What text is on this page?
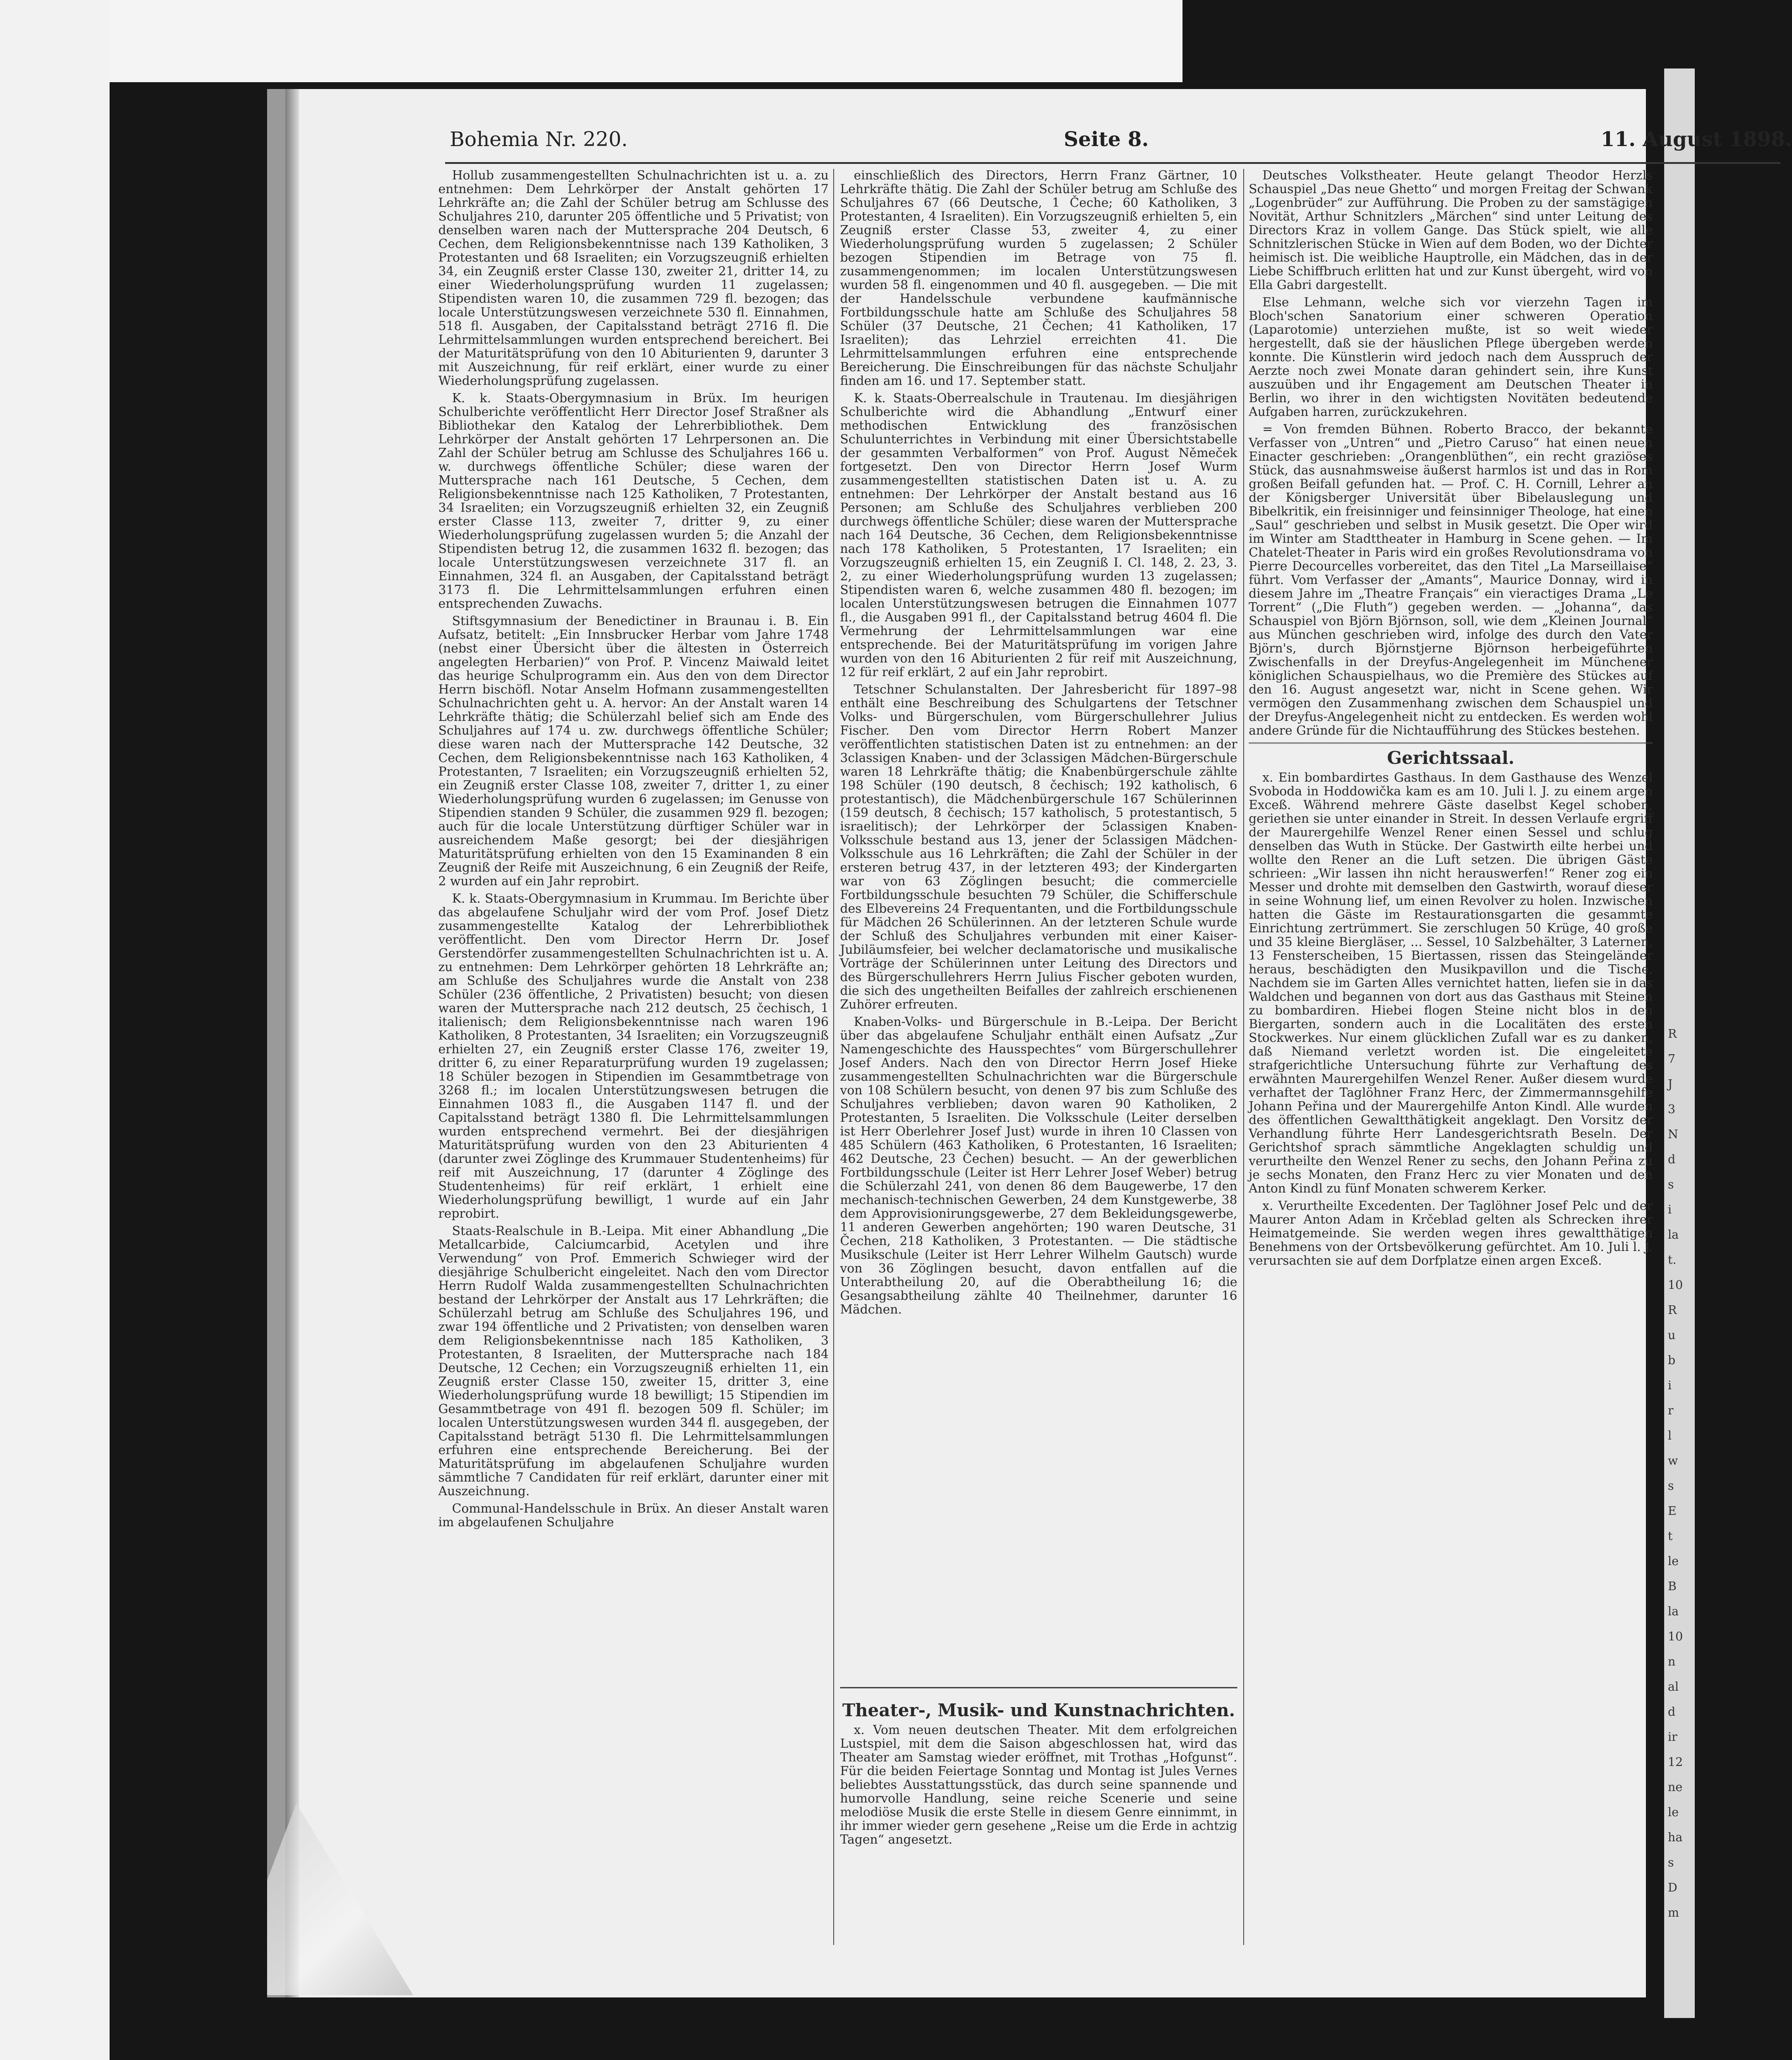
Bohemia Nr. 220.	Seite 8.	11. August 1898.

Hollub zusammengestellten Schulnachrichten ist u. a. zu entnehmen: Dem Lehrkörper der Anstalt gehörten 17 Lehrkräfte an; die Zahl der Schüler betrug am Schlusse des Schuljahres 210, darunter 205 öffentliche und 5 Privatist; von denselben waren nach der Muttersprache 204 Deutsch, 6 Cechen, dem Religionsbekenntnisse nach 139 Katholiken, 3 Protestanten und 68 Israeliten; ein Vorzugszeugniß erhielten 34, ein Zeugniß erster Classe 130, zweiter 21, dritter 14, zu einer Wiederholungsprüfung wurden 11 zugelassen; Stipendisten waren 10, die zusammen 729 fl. bezogen; das locale Unterstützungswesen verzeichnete 530 fl. Einnahmen, 518 fl. Ausgaben, der Capitalsstand beträgt 2716 fl. Die Lehrmittelsammlungen wurden entsprechend bereichert. Bei der Maturitätsprüfung von den 10 Abiturienten 9, darunter 3 mit Auszeichnung, für reif erklärt, einer wurde zu einer Wiederholungsprüfung zugelassen.

K. k. Staats-Obergymnasium in Brüx. Im heurigen Schulberichte veröffentlicht Herr Director Josef Straßner als Bibliothekar den Katalog der Lehrerbibliothek. Dem Lehrkörper der Anstalt gehörten 17 Lehrpersonen an. Die Zahl der Schüler betrug am Schlusse des Schuljahres 166 u. w. durchwegs öffentliche Schüler; diese waren der Muttersprache nach 161 Deutsche, 5 Cechen, dem Religionsbekenntnisse nach 125 Katholiken, 7 Protestanten, 34 Israeliten; ein Vorzugszeugniß erhielten 32, ein Zeugniß erster Classe 113, zweiter 7, dritter 9, zu einer Wiederholungsprüfung zugelassen wurden 5; die Anzahl der Stipendisten betrug 12, die zusammen 1632 fl. bezogen; das locale Unterstützungswesen verzeichnete 317 fl. an Einnahmen, 324 fl. an Ausgaben, der Capitalsstand beträgt 3173 fl. Die Lehrmittelsammlungen erfuhren einen entsprechenden Zuwachs.

Stiftsgymnasium der Benedictiner in Braunau i. B. Ein Aufsatz, betitelt: „Ein Innsbrucker Herbar vom Jahre 1748 (nebst einer Übersicht über die ältesten in Österreich angelegten Herbarien)“ von Prof. P. Vincenz Maiwald leitet das heurige Schulprogramm ein. Aus den von dem Director Herrn bischöfl. Notar Anselm Hofmann zusammengestellten Schulnachrichten geht u. A. hervor: An der Anstalt waren 14 Lehrkräfte thätig; die Schülerzahl belief sich am Ende des Schuljahres auf 174 u. zw. durchwegs öffentliche Schüler; diese waren nach der Muttersprache 142 Deutsche, 32 Cechen, dem Religionsbekenntnisse nach 163 Katholiken, 4 Protestanten, 7 Israeliten; ein Vorzugszeugniß erhielten 52, ein Zeugniß erster Classe 108, zweiter 7, dritter 1, zu einer Wiederholungsprüfung wurden 6 zugelassen; im Genusse von Stipendien standen 9 Schüler, die zusammen 929 fl. bezogen; auch für die locale Unterstützung dürftiger Schüler war in ausreichendem Maße gesorgt; bei der diesjährigen Maturitätsprüfung erhielten von den 15 Examinanden 8 ein Zeugniß der Reife mit Auszeichnung, 6 ein Zeugniß der Reife, 2 wurden auf ein Jahr reprobirt.

K. k. Staats-Obergymnasium in Krummau. Im Berichte über das abgelaufene Schuljahr wird der vom Prof. Josef Dietz zusammengestellte Katalog der Lehrerbibliothek veröffentlicht. Den vom Director Herrn Dr. Josef Gerstendörfer zusammengestellten Schulnachrichten ist u. A. zu entnehmen: Dem Lehrkörper gehörten 18 Lehrkräfte an; am Schluße des Schuljahres wurde die Anstalt von 238 Schüler (236 öffentliche, 2 Privatisten) besucht; von diesen waren der Muttersprache nach 212 deutsch, 25 čechisch, 1 italienisch; dem Religionsbekenntnisse nach waren 196 Katholiken, 8 Protestanten, 34 Israeliten; ein Vorzugszeugniß erhielten 27, ein Zeugniß erster Classe 176, zweiter 19, dritter 6, zu einer Reparaturprüfung wurden 19 zugelassen; 18 Schüler bezogen in Stipendien im Gesammtbetrage von 3268 fl.; im localen Unterstützungswesen betrugen die Einnahmen 1083 fl., die Ausgaben 1147 fl. und der Capitalsstand beträgt 1380 fl. Die Lehrmittelsammlungen wurden entsprechend vermehrt. Bei der diesjährigen Maturitätsprüfung wurden von den 23 Abiturienten 4 (darunter zwei Zöglinge des Krummauer Studentenheims) für reif mit Auszeichnung, 17 (darunter 4 Zöglinge des Studentenheims) für reif erklärt, 1 erhielt eine Wiederholungsprüfung bewilligt, 1 wurde auf ein Jahr reprobirt.

Staats-Realschule in B.-Leipa. Mit einer Abhandlung „Die Metallcarbide, Calciumcarbid, Acetylen und ihre Verwendung“ von Prof. Emmerich Schwieger wird der diesjährige Schulbericht eingeleitet. Nach den vom Director Herrn Rudolf Walda zusammengestellten Schulnachrichten bestand der Lehrkörper der Anstalt aus 17 Lehrkräften; die Schülerzahl betrug am Schluße des Schuljahres 196, und zwar 194 öffentliche und 2 Privatisten; von denselben waren dem Religionsbekenntnisse nach 185 Katholiken, 3 Protestanten, 8 Israeliten, der Muttersprache nach 184 Deutsche, 12 Cechen; ein Vorzugszeugniß erhielten 11, ein Zeugniß erster Classe 150, zweiter 15, dritter 3, eine Wiederholungsprüfung wurde 18 bewilligt; 15 Stipendien im Gesammtbetrage von 491 fl. bezogen 509 fl. Schüler; im localen Unterstützungswesen wurden 344 fl. ausgegeben, der Capitalsstand beträgt 5130 fl. Die Lehrmittelsammlungen erfuhren eine entsprechende Bereicherung. Bei der Maturitätsprüfung im abgelaufenen Schuljahre wurden sämmtliche 7 Candidaten für reif erklärt, darunter einer mit Auszeichnung.

Communal-Handelsschule in Brüx. An dieser Anstalt waren im abgelaufenen Schuljahre

einschließlich des Directors, Herrn Franz Gärtner, 10 Lehrkräfte thätig. Die Zahl der Schüler betrug am Schluße des Schuljahres 67 (66 Deutsche, 1 Čeche; 60 Katholiken, 3 Protestanten, 4 Israeliten). Ein Vorzugszeugniß erhielten 5, ein Zeugniß erster Classe 53, zweiter 4, zu einer Wiederholungsprüfung wurden 5 zugelassen; 2 Schüler bezogen Stipendien im Betrage von 75 fl. zusammengenommen; im localen Unterstützungswesen wurden 58 fl. eingenommen und 40 fl. ausgegeben. — Die mit der Handelsschule verbundene kaufmännische Fortbildungsschule hatte am Schluße des Schuljahres 58 Schüler (37 Deutsche, 21 Čechen; 41 Katholiken, 17 Israeliten); das Lehrziel erreichten 41. Die Lehrmittelsammlungen erfuhren eine entsprechende Bereicherung. Die Einschreibungen für das nächste Schuljahr finden am 16. und 17. September statt.

K. k. Staats-Oberrealschule in Trautenau. Im diesjährigen Schulberichte wird die Abhandlung „Entwurf einer methodischen Entwicklung des französischen Schulunterrichtes in Verbindung mit einer Übersichtstabelle der gesammten Verbalformen“ von Prof. August Němeček fortgesetzt. Den von Director Herrn Josef Wurm zusammengestellten statistischen Daten ist u. A. zu entnehmen: Der Lehrkörper der Anstalt bestand aus 16 Personen; am Schluße des Schuljahres verblieben 200 durchwegs öffentliche Schüler; diese waren der Muttersprache nach 164 Deutsche, 36 Cechen, dem Religionsbekenntnisse nach 178 Katholiken, 5 Protestanten, 17 Israeliten; ein Vorzugszeugniß erhielten 15, ein Zeugniß I. Cl. 148, 2. 23, 3. 2, zu einer Wiederholungsprüfung wurden 13 zugelassen; Stipendisten waren 6, welche zusammen 480 fl. bezogen; im localen Unterstützungswesen betrugen die Einnahmen 1077 fl., die Ausgaben 991 fl., der Capitalsstand betrug 4604 fl. Die Vermehrung der Lehrmittelsammlungen war eine entsprechende. Bei der Maturitätsprüfung im vorigen Jahre wurden von den 16 Abiturienten 2 für reif mit Auszeichnung, 12 für reif erklärt, 2 auf ein Jahr reprobirt.

Tetschner Schulanstalten. Der Jahresbericht für 1897–98 enthält eine Beschreibung des Schulgartens der Tetschner Volks- und Bürgerschulen, vom Bürgerschullehrer Julius Fischer. Den vom Director Herrn Robert Manzer veröffentlichten statistischen Daten ist zu entnehmen: an der 3classigen Knaben- und der 3classigen Mädchen-Bürgerschule waren 18 Lehrkräfte thätig; die Knabenbürgerschule zählte 198 Schüler (190 deutsch, 8 čechisch; 192 katholisch, 6 protestantisch), die Mädchenbürgerschule 167 Schülerinnen (159 deutsch, 8 čechisch; 157 katholisch, 5 protestantisch, 5 israelitisch); der Lehrkörper der 5classigen Knaben-Volksschule bestand aus 13, jener der 5classigen Mädchen-Volksschule aus 16 Lehrkräften; die Zahl der Schüler in der ersteren betrug 437, in der letzteren 493; der Kindergarten war von 63 Zöglingen besucht; die commercielle Fortbildungsschule besuchten 79 Schüler, die Schifferschule des Elbevereins 24 Frequentanten, und die Fortbildungsschule für Mädchen 26 Schülerinnen. An der letzteren Schule wurde der Schluß des Schuljahres verbunden mit einer Kaiser-Jubiläumsfeier, bei welcher declamatorische und musikalische Vorträge der Schülerinnen unter Leitung des Directors und des Bürgerschullehrers Herrn Julius Fischer geboten wurden, die sich des ungetheilten Beifalles der zahlreich erschienenen Zuhörer erfreuten.

Knaben-Volks- und Bürgerschule in B.-Leipa. Der Bericht über das abgelaufene Schuljahr enthält einen Aufsatz „Zur Namengeschichte des Hausspechtes“ vom Bürgerschullehrer Josef Anders. Nach den von Director Herrn Josef Hieke zusammengestellten Schulnachrichten war die Bürgerschule von 108 Schülern besucht, von denen 97 bis zum Schluße des Schuljahres verblieben; davon waren 90 Katholiken, 2 Protestanten, 5 Israeliten. Die Volksschule (Leiter derselben ist Herr Oberlehrer Josef Just) wurde in ihren 10 Classen von 485 Schülern (463 Katholiken, 6 Protestanten, 16 Israeliten; 462 Deutsche, 23 Čechen) besucht. — An der gewerblichen Fortbildungsschule (Leiter ist Herr Lehrer Josef Weber) betrug die Schülerzahl 241, von denen 86 dem Baugewerbe, 17 den mechanisch-technischen Gewerben, 24 dem Kunstgewerbe, 38 dem Approvisionirungsgewerbe, 27 dem Bekleidungsgewerbe, 11 anderen Gewerben angehörten; 190 waren Deutsche, 31 Čechen, 218 Katholiken, 3 Protestanten. — Die städtische Musikschule (Leiter ist Herr Lehrer Wilhelm Gautsch) wurde von 36 Zöglingen besucht, davon entfallen auf die Unterabtheilung 20, auf die Oberabtheilung 16; die Gesangsabtheilung zählte 40 Theilnehmer, darunter 16 Mädchen.

Theater-, Musik- und Kunstnachrichten.

x. Vom neuen deutschen Theater. Mit dem erfolgreichen Lustspiel, mit dem die Saison abgeschlossen hat, wird das Theater am Samstag wieder eröffnet, mit Trothas „Hofgunst“. Für die beiden Feiertage Sonntag und Montag ist Jules Vernes beliebtes Ausstattungsstück, das durch seine spannende und humorvolle Handlung, seine reiche Scenerie und seine melodiöse Musik die erste Stelle in diesem Genre einnimmt, in ihr immer wieder gern gesehene „Reise um die Erde in achtzig Tagen“ angesetzt.

Deutsches Volkstheater. Heute gelangt Theodor Herzls Schauspiel „Das neue Ghetto“ und morgen Freitag der Schwank „Logenbrüder“ zur Aufführung. Die Proben zu der samstägigen Novität, Arthur Schnitzlers „Märchen“ sind unter Leitung des Directors Kraz in vollem Gange. Das Stück spielt, wie alle Schnitzlerischen Stücke in Wien auf dem Boden, wo der Dichter heimisch ist. Die weibliche Hauptrolle, ein Mädchen, das in der Liebe Schiffbruch erlitten hat und zur Kunst übergeht, wird von Ella Gabri dargestellt.

Else Lehmann, welche sich vor vierzehn Tagen im Bloch'schen Sanatorium einer schweren Operation (Laparotomie) unterziehen mußte, ist so weit wieder hergestellt, daß sie der häuslichen Pflege übergeben werden konnte. Die Künstlerin wird jedoch nach dem Ausspruch der Aerzte noch zwei Monate daran gehindert sein, ihre Kunst auszuüben und ihr Engagement am Deutschen Theater in Berlin, wo ihrer in den wichtigsten Novitäten bedeutende Aufgaben harren, zurückzukehren.

= Von fremden Bühnen. Roberto Bracco, der bekannte Verfasser von „Untren“ und „Pietro Caruso“ hat einen neuen Einacter geschrieben: „Orangenblüthen“, ein recht graziöses Stück, das ausnahmsweise äußerst harmlos ist und das in Rom großen Beifall gefunden hat. — Prof. C. H. Cornill, Lehrer an der Königsberger Universität über Bibelauslegung und Bibelkritik, ein freisinniger und feinsinniger Theologe, hat einen „Saul“ geschrieben und selbst in Musik gesetzt. Die Oper wird im Winter am Stadttheater in Hamburg in Scene gehen. — Im Chatelet-Theater in Paris wird ein großes Revolutionsdrama von Pierre Decourcelles vorbereitet, das den Titel „La Marseillaise“ führt. Vom Verfasser der „Amants“, Maurice Donnay, wird in diesem Jahre im „Theatre Français“ ein vieractiges Drama „Le Torrent“ („Die Fluth“) gegeben werden. — „Johanna“, das Schauspiel von Björn Björnson, soll, wie dem „Kleinen Journal“ aus München geschrieben wird, infolge des durch den Vater Björn's, durch Björnstjerne Björnson herbeigeführten Zwischenfalls in der Dreyfus-Angelegenheit im Münchener königlichen Schauspielhaus, wo die Première des Stückes auf den 16. August angesetzt war, nicht in Scene gehen. Wir vermögen den Zusammenhang zwischen dem Schauspiel und der Dreyfus-Angelegenheit nicht zu entdecken. Es werden wohl andere Gründe für die Nichtaufführung des Stückes bestehen.

Gerichtssaal.

x. Ein bombardirtes Gasthaus. In dem Gasthause des Wenzel Svoboda in Hoddowička kam es am 10. Juli l. J. zu einem argen Exceß. Während mehrere Gäste daselbst Kegel schoben, geriethen sie unter einander in Streit. In dessen Verlaufe ergriff der Maurergehilfe Wenzel Rener einen Sessel und schlug denselben das Wuth in Stücke. Der Gastwirth eilte herbei und wollte den Rener an die Luft setzen. Die übrigen Gäste schrieen: „Wir lassen ihn nicht herauswerfen!“ Rener zog ein Messer und drohte mit demselben den Gastwirth, worauf dieser in seine Wohnung lief, um einen Revolver zu holen. Inzwischen hatten die Gäste im Restaurationsgarten die gesammte Einrichtung zertrümmert. Sie zerschlugen 50 Krüge, 40 große und 35 kleine Biergläser, ... Sessel, 10 Salzbehälter, 3 Laternen, 13 Fensterscheiben, 15 Biertassen, rissen das Steingeländer heraus, beschädigten den Musikpavillon und die Tische, Nachdem sie im Garten Alles vernichtet hatten, liefen sie in das Waldchen und begannen von dort aus das Gasthaus mit Steinen zu bombardiren. Hiebei flogen Steine nicht blos in den Biergarten, sondern auch in die Localitäten des ersten Stockwerkes. Nur einem glücklichen Zufall war es zu danken, daß Niemand verletzt worden ist. Die eingeleitete strafgerichtliche Untersuchung führte zur Verhaftung des erwähnten Maurergehilfen Wenzel Rener. Außer diesem wurde verhaftet der Taglöhner Franz Herc, der Zimmermannsgehilfe Johann Peřina und der Maurergehilfe Anton Kindl. Alle wurden des öffentlichen Gewaltthätigkeit angeklagt. Den Vorsitz der Verhandlung führte Herr Landesgerichtsrath Beseln. Der Gerichtshof sprach sämmtliche Angeklagten schuldig und verurtheilte den Wenzel Rener zu sechs, den Johann Peřina zu je sechs Monaten, den Franz Herc zu vier Monaten und den Anton Kindl zu fünf Monaten schwerem Kerker.

x. Verurtheilte Excedenten. Der Taglöhner Josef Pelc und der Maurer Anton Adam in Krčeblad gelten als Schrecken ihrer Heimatgemeinde. Sie werden wegen ihres gewaltthätigen Benehmens von der Ortsbevölkerung gefürchtet. Am 10. Juli l. J. verursachten sie auf dem Dorfplatze einen argen Exceß.

R
7
J
3
N
d
s
i
la
t.
10
R
u
b
i
r
l
w
s
E
t
le
B
la
10
n
al
d
ir
12
ne
le
ha
s
D
m
